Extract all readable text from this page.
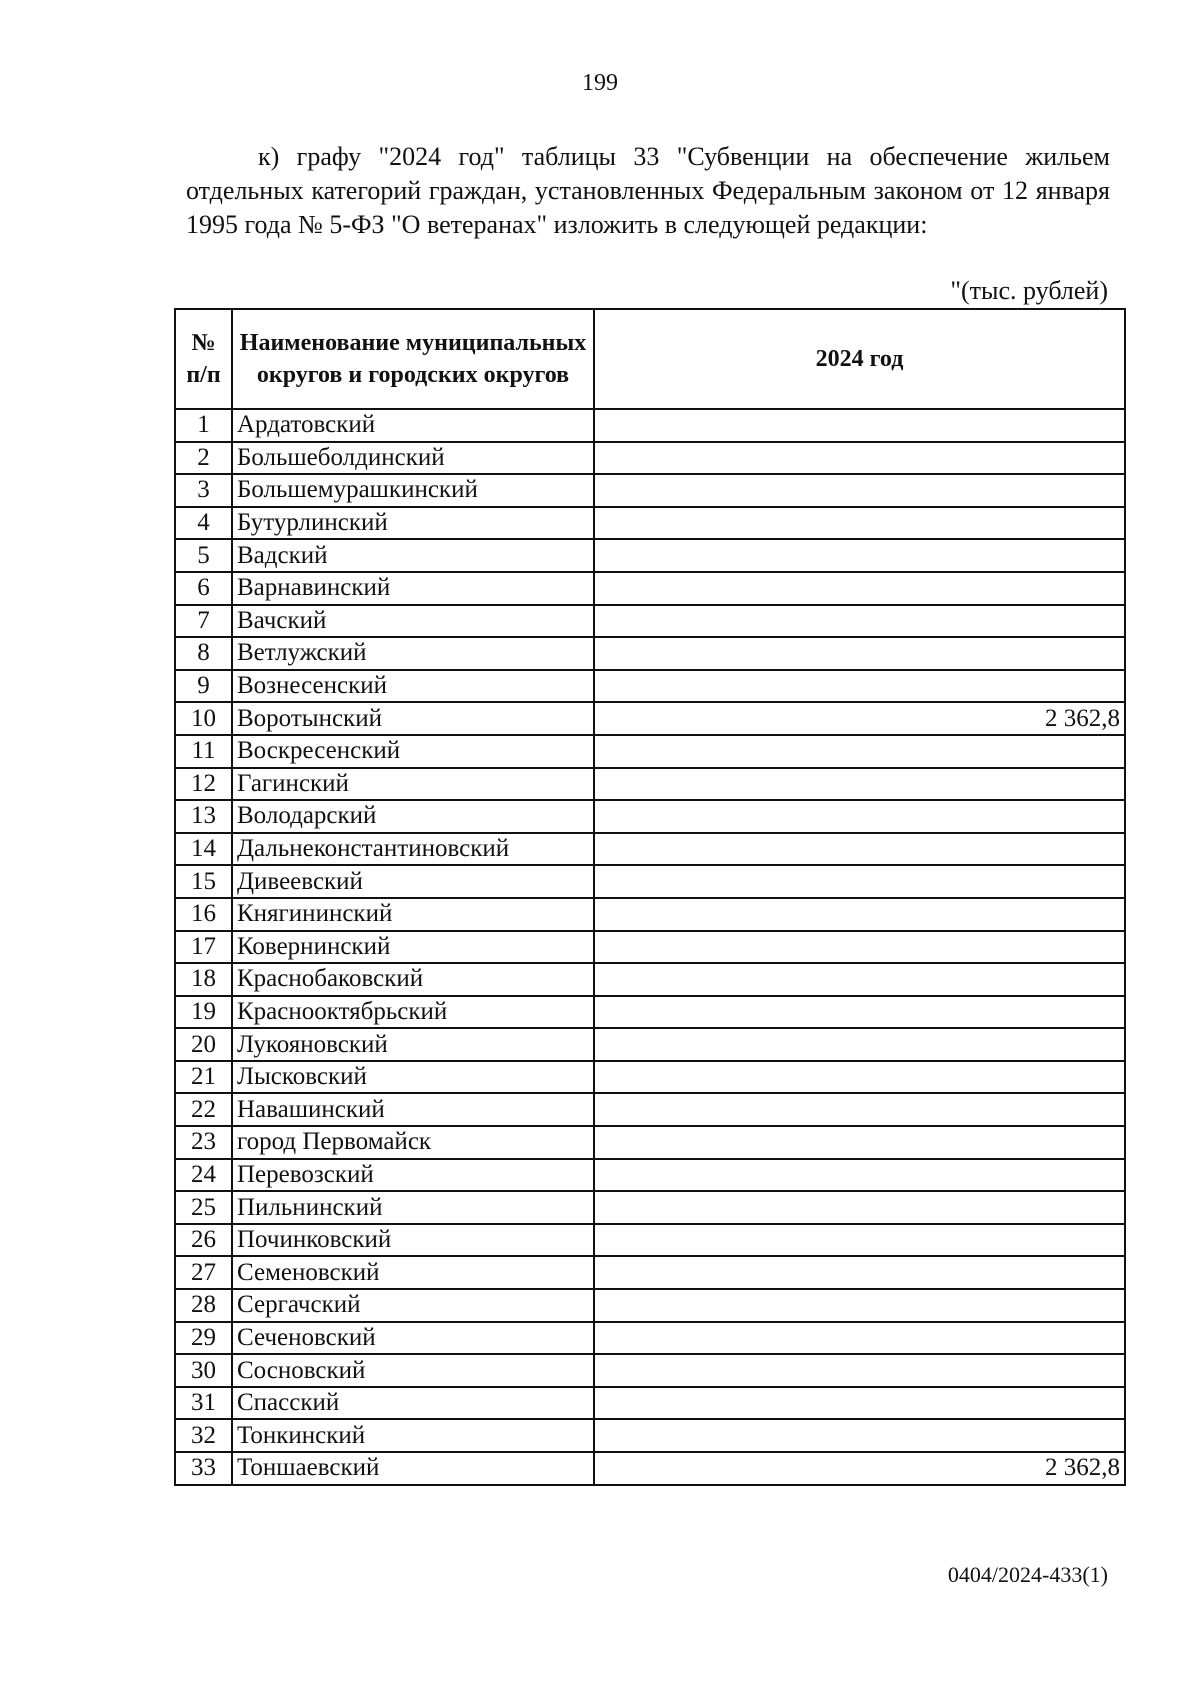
199
к) графу "2024 год" таблицы 33 "Субвенции на обеспечение жильем отдельных категорий граждан, установленных Федеральным законом от 12 января 1995 года № 5-ФЗ "О ветеранах" изложить в следующей редакции:
"(тыс. рублей)
№ п/п	Наименование муниципальных округов и городских округов	2024 год
1	Ардатовский	
2	Большеболдинский	
3	Большемурашкинский	
4	Бутурлинский	
5	Вадский	
6	Варнавинский	
7	Вачский	
8	Ветлужский	
9	Вознесенский	
10	Воротынский	2 362,8
11	Воскресенский	
12	Гагинский	
13	Володарский	
14	Дальнеконстантиновский	
15	Дивеевский	
16	Княгининский	
17	Ковернинский	
18	Краснобаковский	
19	Краснооктябрьский	
20	Лукояновский	
21	Лысковский	
22	Навашинский	
23	город Первомайск	
24	Перевозский	
25	Пильнинский	
26	Починковский	
27	Семеновский	
28	Сергачский	
29	Сеченовский	
30	Сосновский	
31	Спасский	
32	Тонкинский	
33	Тоншаевский	2 362,8
0404/2024-433(1)
